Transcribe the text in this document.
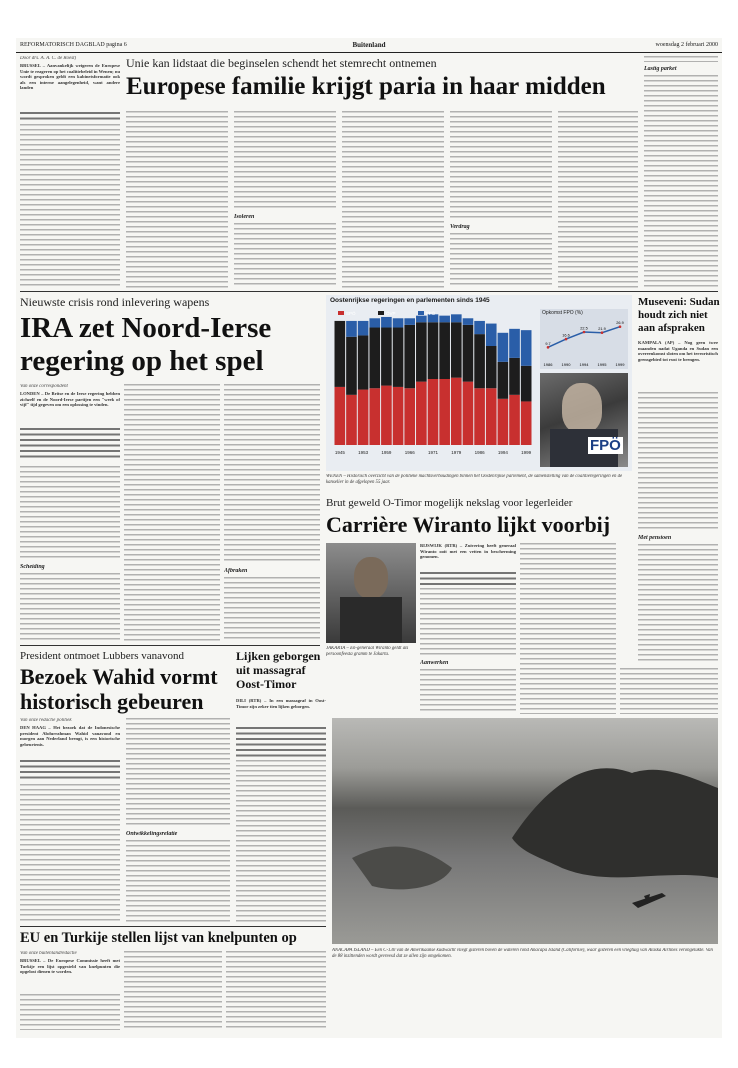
REFORMATORISCH DAGBLAD pagina 6	Buitenland	woensdag 2 februari 2000
Door drs. A. A. C. de Roest)
BRUSSEL – Aanvankelijk weigeren de Europese Unie te reageren op het coalitiebeleid in Wenen; nu wordt gesproken geldt een kabinetsformatie ook als een interne aangelegenheid, want andere landen
Unie kan lidstaat die beginselen schendt het stemrecht ontnemen
Europese familie krijgt paria in haar midden
Isoleren
Verdrag
Lastig parket
Nieuwste crisis rond inlevering wapens
IRA zet Noord-Ierse regering op het spel
Van onze correspondent
LONDEN – De Britse en de Ierse regering hebben zichzelf en de Noord-Ierse partijen een "week of vijf" tijd gegeven om een oplossing te vinden.
Scheiding
Afbraken
Oostenrijkse regeringen en parlementen sinds 1945
1945	1953	1959	1966	1971	1979	1986	1994	1999
SPÖ	ÖVP	FPÖ	Opkomst FPÖ (%)
1986
9.7
1990
16.6
1994
22.5
1995
21.9
1999
26.9
FPÖ
WENEN – Historisch overzicht van de politieke machtsverhoudingen binnen het Oostenrijkse parlement, de samenstelling van de coalitieregeringen en de kanselier in de afgelopen 55 jaar.
Museveni: Sudan houdt zich niet aan afspraken
KAMPALA (AP) – Nog geen twee maanden nadat Uganda en Sudan een overeenkomst sloten om het terroristisch grensgebied tot rust te brengen.
Met pensioen
Brut geweld O-Timor mogelijk nekslag voor legerleider
Carrière Wiranto lijkt voorbij
JAKARTA – En-generaal Wiranto geldt als persoonfeesta gramm te Jakarta.
BIJSWIJK (RTR) – Zuivering heeft generaal Wiranto ooit met een vetten in bescherming genomen.
Aanwerken
President ontmoet Lubbers vanavond
Bezoek Wahid vormt historisch gebeuren
Van onze redactie politiek
DEN HAAG – Het bezoek dat de Indonesische president Abdurrahman Wahid vanavond en morgen aan Nederland brengt, is een historische gebeurtenis.
Ontwikkelingsrelatie
Lijken geborgen uit massagraf Oost-Timor
DILI (RTR) – In een massagraf in Oost-Timor zijn zeker tien lijken geborgen.
ANACAPA ISLAND – Een C-130 van de Amerikaanse kustwacht vliegt gisteren boven de wateren rond Anacapa Island (Californië), waar gisteren een vliegtuig van Alaska Airlines verongelukte. Van de 88 inzittenden wordt gevreesd dat ze allen zijn omgekomen.
EU en Turkije stellen lijst van knelpunten op
Van onze buitenlandredactie
BRUSSEL – De Europese Commissie heeft met Turkije een lijst opgesteld van knelpunten die opgelost dienen te worden.
